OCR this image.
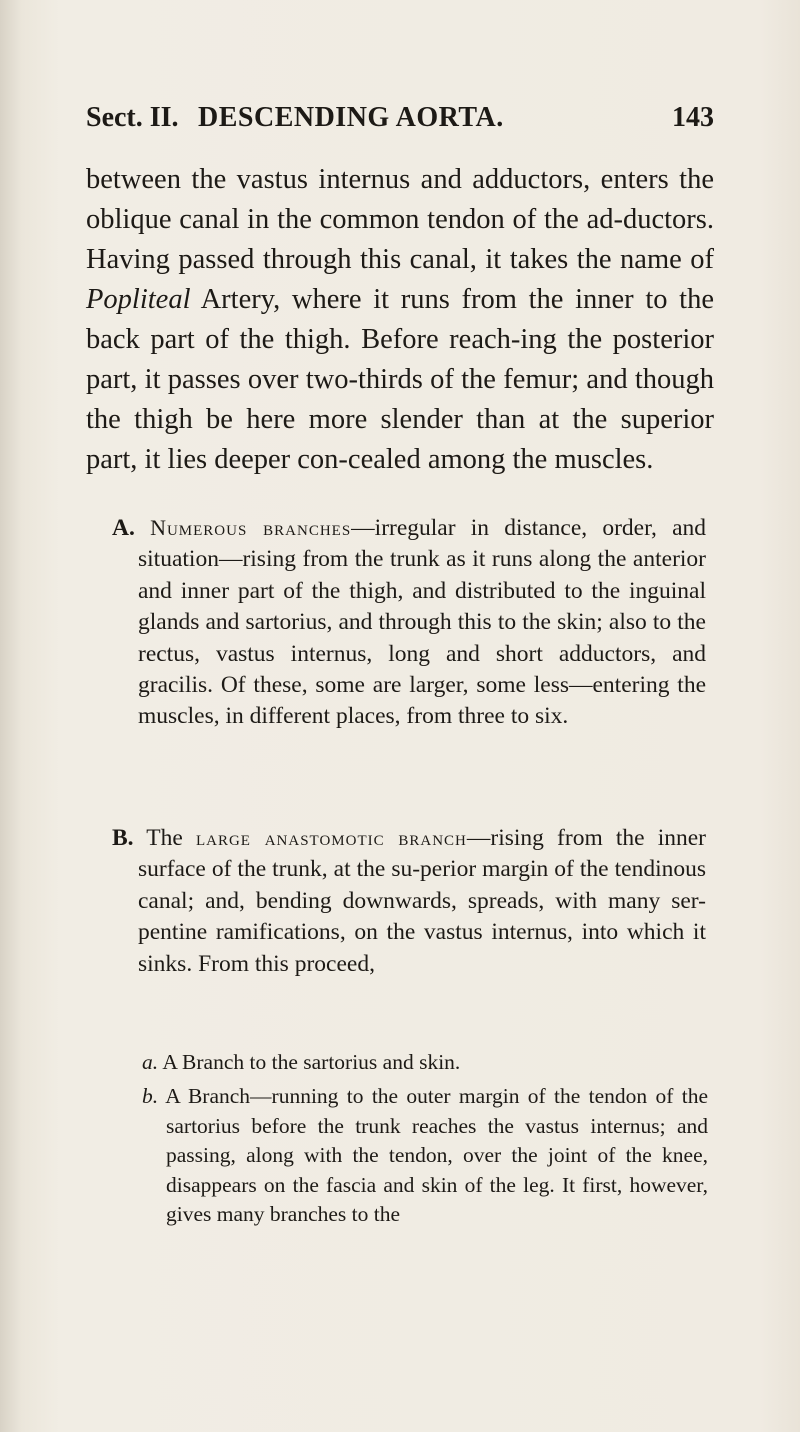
Sect. II. DESCENDING AORTA.	143

between the vastus internus and adductors, enters the oblique canal in the common tendon of the ad-ductors. Having passed through this canal, it takes the name of Popliteal Artery, where it runs from the inner to the back part of the thigh. Before reach-ing the posterior part, it passes over two-thirds of the femur; and though the thigh be here more slender than at the superior part, it lies deeper con-cealed among the muscles.

A. Numerous branches—irregular in distance, order, and situation—rising from the trunk as it runs along the anterior and inner part of the thigh, and distributed to the inguinal glands and sartorius, and through this to the skin; also to the rectus, vastus internus, long and short adductors, and gracilis. Of these, some are larger, some less—entering the muscles, in different places, from three to six.
B. The large anastomotic branch—rising from the inner surface of the trunk, at the su-perior margin of the tendinous canal; and, bending downwards, spreads, with many ser-pentine ramifications, on the vastus internus, into which it sinks. From this proceed,
a. A Branch to the sartorius and skin.
b. A Branch—running to the outer margin of the tendon of the sartorius before the trunk reaches the vastus internus; and passing, along with the tendon, over the joint of the knee, disappears on the fascia and skin of the leg. It first, however, gives many branches to the
